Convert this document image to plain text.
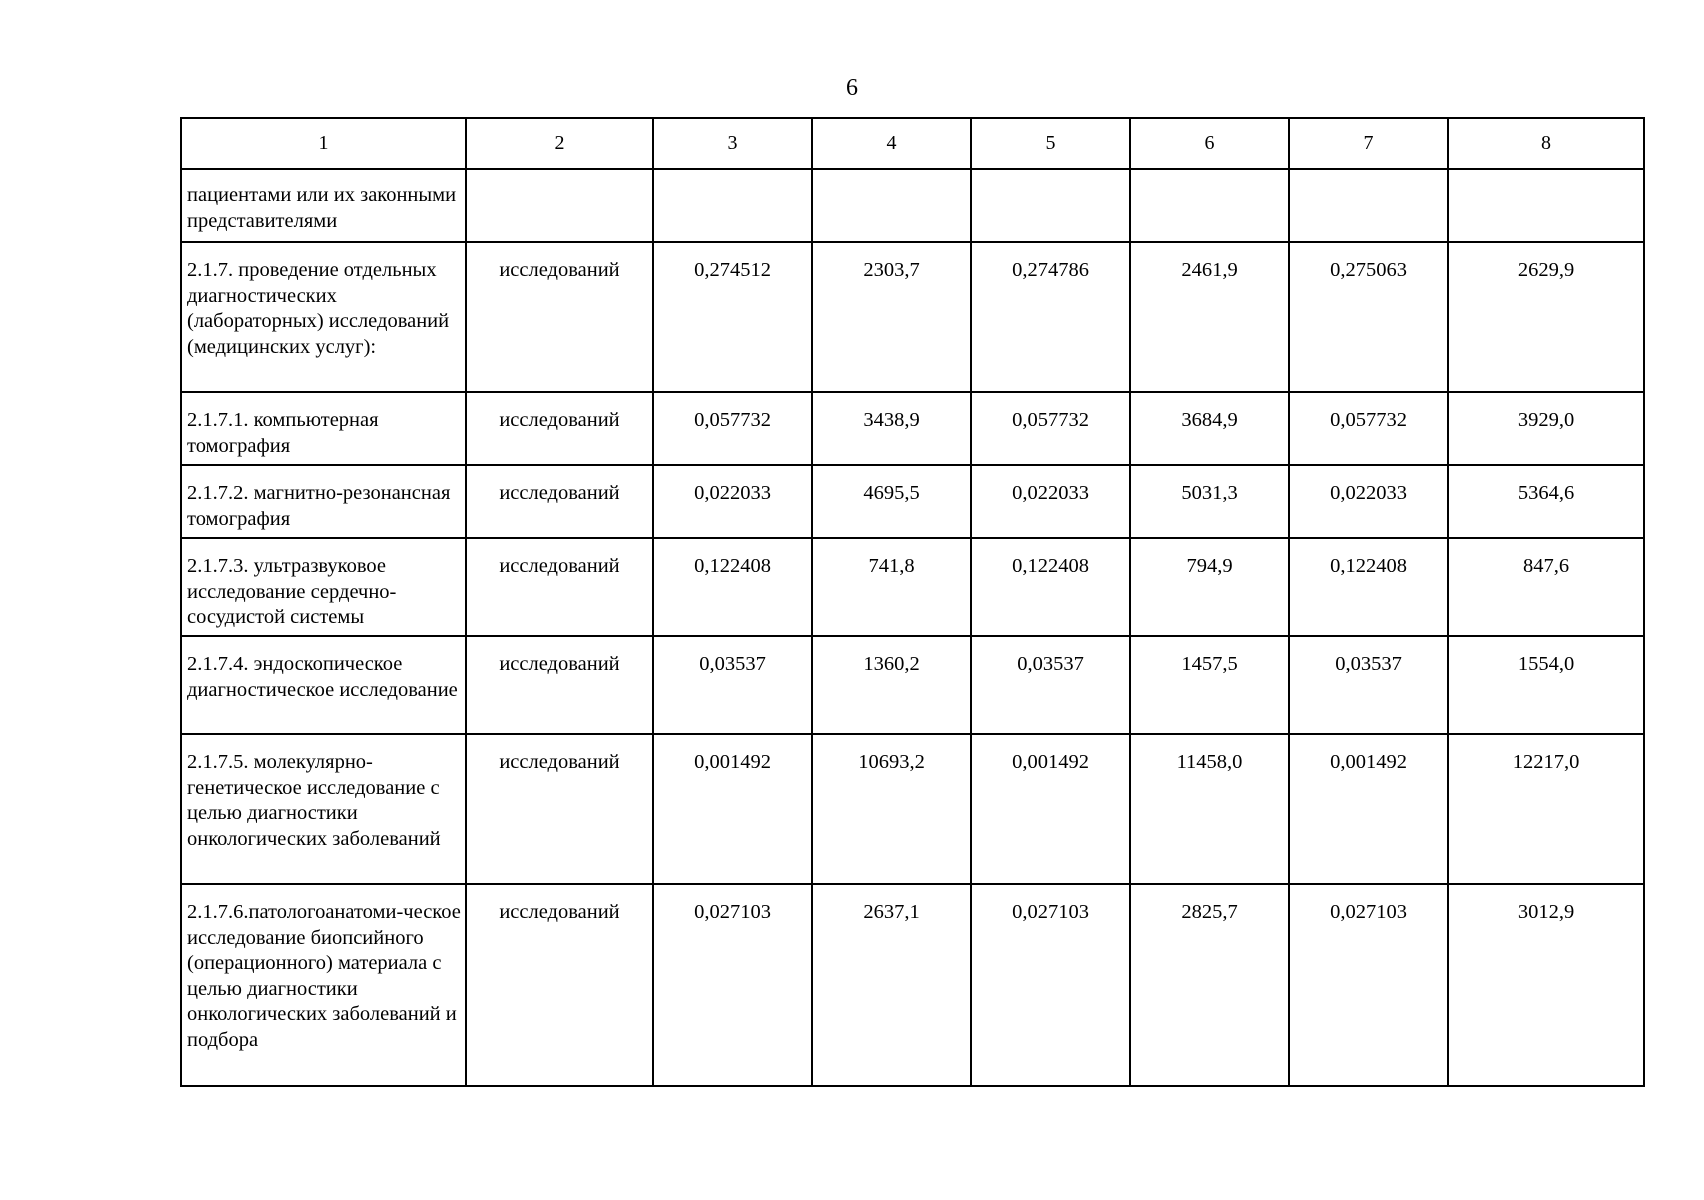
6
1	2	3	4	5	6	7	8
пациентами или их законными представителями							
2.1.7. проведение отдельных диагностических (лабораторных) исследований (медицинских услуг):	исследований	0,274512	2303,7	0,274786	2461,9	0,275063	2629,9
2.1.7.1. компьютерная томография	исследований	0,057732	3438,9	0,057732	3684,9	0,057732	3929,0
2.1.7.2. магнитно-резонансная томография	исследований	0,022033	4695,5	0,022033	5031,3	0,022033	5364,6
2.1.7.3. ультразвуковое исследование сердечно-сосудистой системы	исследований	0,122408	741,8	0,122408	794,9	0,122408	847,6
2.1.7.4. эндоскопическое диагностическое исследование	исследований	0,03537	1360,2	0,03537	1457,5	0,03537	1554,0
2.1.7.5. молекулярно-генетическое исследование с целью диагностики онкологических заболеваний	исследований	0,001492	10693,2	0,001492	11458,0	0,001492	12217,0
2.1.7.6.патологоанатоми-ческое исследование биопсийного (операционного) материала с целью диагностики онкологических заболеваний и подбора	исследований	0,027103	2637,1	0,027103	2825,7	0,027103	3012,9
